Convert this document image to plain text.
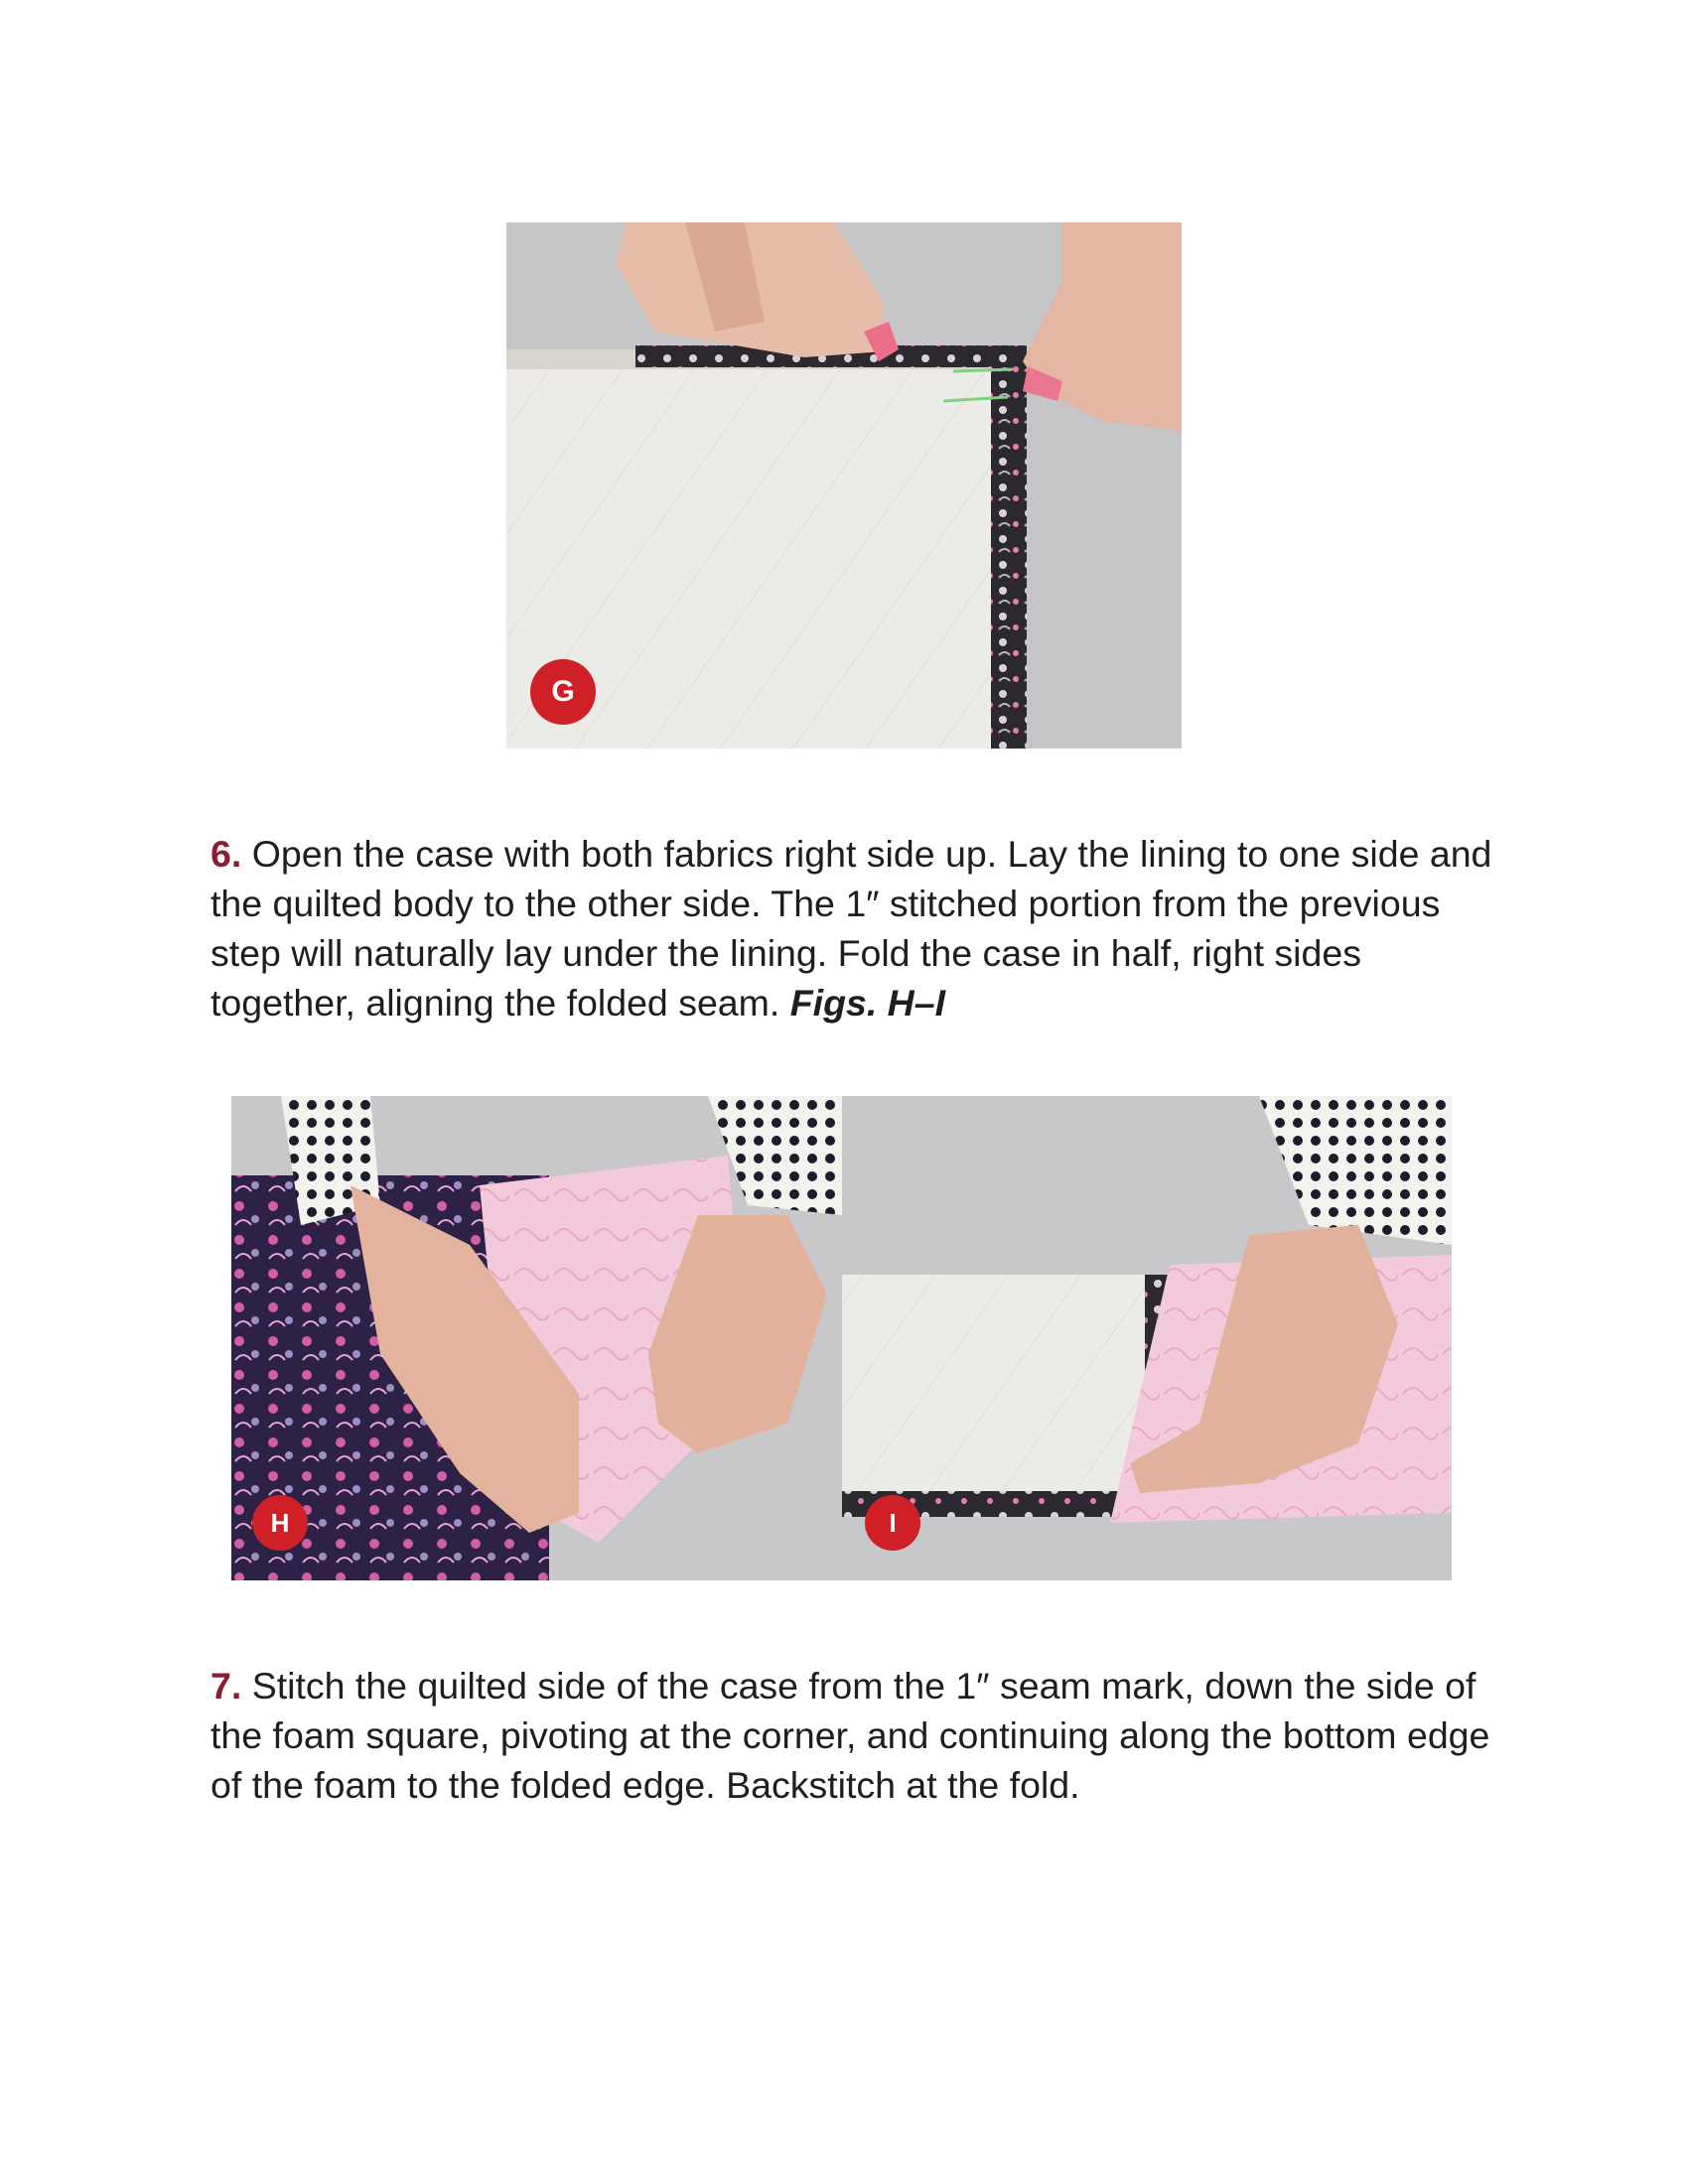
G

6. Open the case with both fabrics right side up. Lay the lining to one side and the quilted body to the other side. The 1″ stitched portion from the previous step will naturally lay under the lining. Fold the case in half, right sides together, aligning the folded seam. Figs. H–I

H	I

7. Stitch the quilted side of the case from the 1″ seam mark, down the side of the foam square, pivoting at the corner, and continuing along the bottom edge of the foam to the folded edge. Backstitch at the fold.
